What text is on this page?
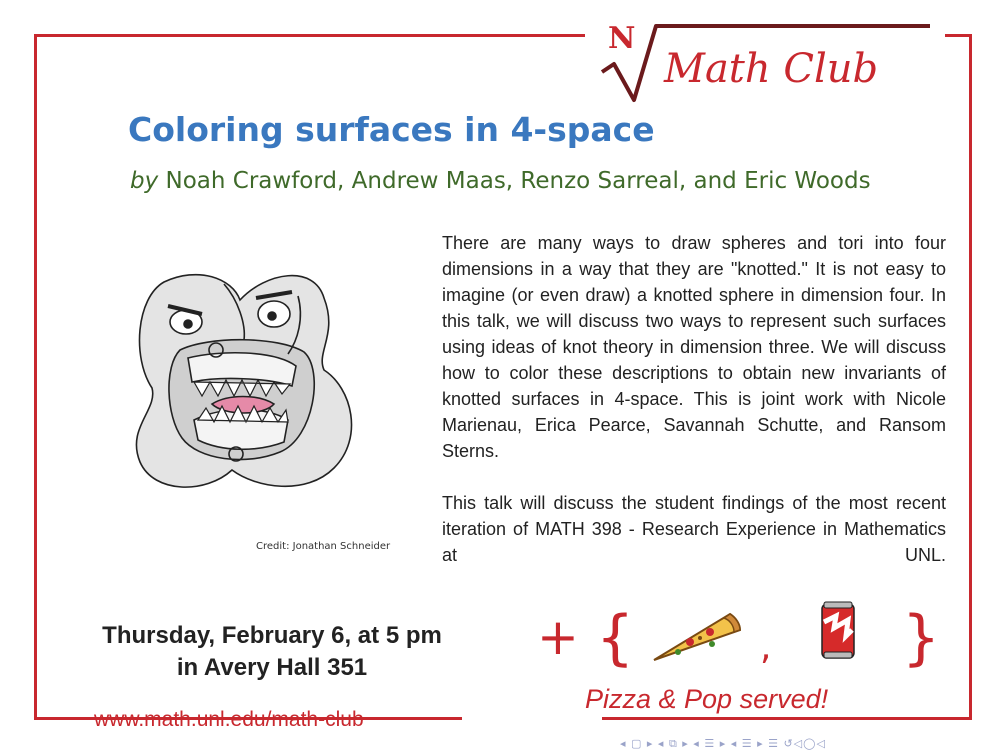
N
Math Club
Coloring surfaces in 4-space
by Noah Crawford, Andrew Maas, Renzo Sarreal, and Eric Woods
Credit: Jonathan Schneider

There are many ways to draw spheres and tori into four dimensions in a way that they are "knotted." It is not easy to imagine (or even draw) a knotted sphere in dimension four. In this talk, we will discuss two ways to represent such surfaces using ideas of knot theory in dimension three. We will discuss how to color these descriptions to obtain new invariants of knotted surfaces in 4-space. This is joint work with Nicole Marienau, Erica Pearce, Savannah Schutte, and Ransom Sterns.

This talk will discuss the student findings of the most recent iteration of MATH 398 - Research Experience in Mathematics at UNL.

Thursday, February 6, at 5 pm
in Avery Hall 351
+ {	, }
Pizza & Pop served!
www.math.unl.edu/math-club
◂ ▢ ▸ ◂ ⧉ ▸ ◂ ☰ ▸ ◂ ☰ ▸ ☰ ↺◁◯◁
